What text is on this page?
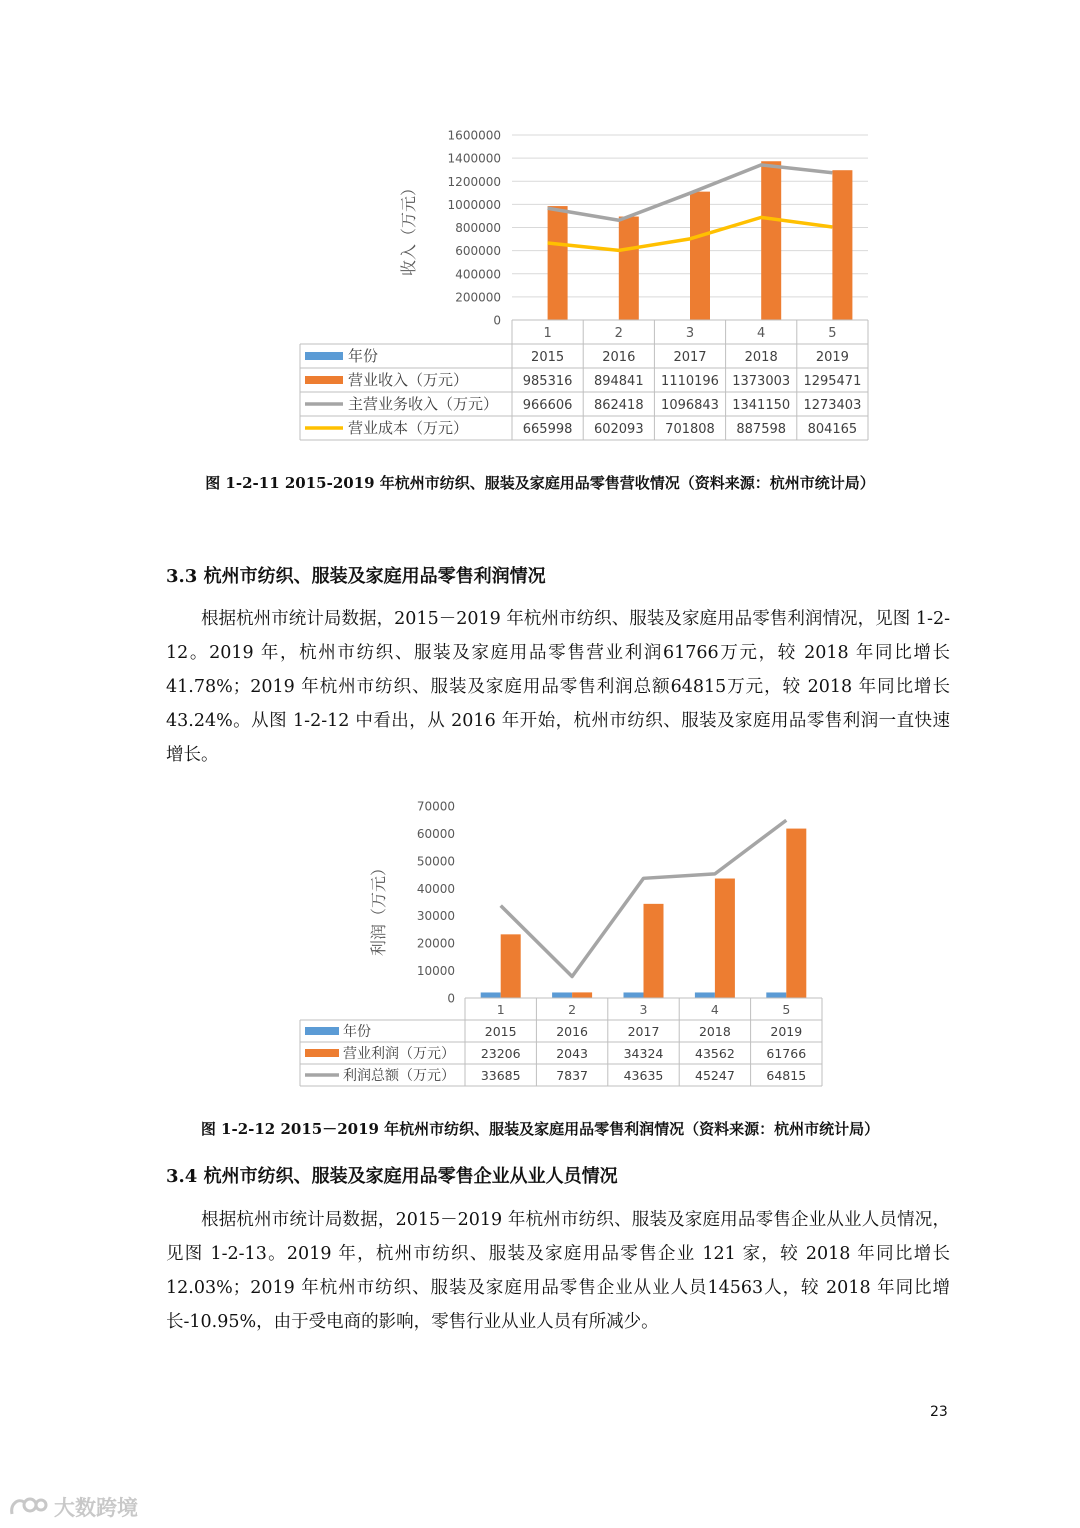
1600000
1400000
1200000
1000000
800000
600000
400000
200000
0
收入（万元）
1	2	3	4	5
年份	2015	2016	2017	2018	2019
营业收入（万元）	985316 894841 1110196 1373003 1295471
主营业务收入（万元） 966606 862418 1096843 1341150 1273403
营业成本（万元）	665998 602093 701808 887598 804165
70000
60000
50000
40000
30000
20000
10000
0
利润（万元）
1	2	3	4	5
年份	2015	2016	2017	2018	2019
营业利润（万元） 23206	2043	34324	43562	61766
利润总额（万元） 33685	7837	43635	45247	64815
图 1-2-11 2015-2019 年杭州市纺织、服装及家庭用品零售营收情况（资料来源：杭州市统计局）
3.3 杭州市纺织、服装及家庭用品零售利润情况

根据杭州市统计局数据，2015－2019 年杭州市纺织、服装及家庭用品零售利润情况，见图 1-2-12。2019 年，杭州市纺织、服装及家庭用品零售营业利润61766万元，较 2018 年同比增长 41.78%；2019 年杭州市纺织、服装及家庭用品零售利润总额64815万元，较 2018 年同比增长 43.24%。从图 1-2-12 中看出，从 2016 年开始，杭州市纺织、服装及家庭用品零售利润一直快速增长。

图 1-2-12 2015－2019 年杭州市纺织、服装及家庭用品零售利润情况（资料来源：杭州市统计局）
3.4 杭州市纺织、服装及家庭用品零售企业从业人员情况

根据杭州市统计局数据，2015－2019 年杭州市纺织、服装及家庭用品零售企业从业人员情况，见图 1-2-13。2019 年，杭州市纺织、服装及家庭用品零售企业 121 家，较 2018 年同比增长 12.03%；2019 年杭州市纺织、服装及家庭用品零售企业从业人员14563人，较 2018 年同比增长-10.95%，由于受电商的影响，零售行业从业人员有所减少。

23
大数跨境
